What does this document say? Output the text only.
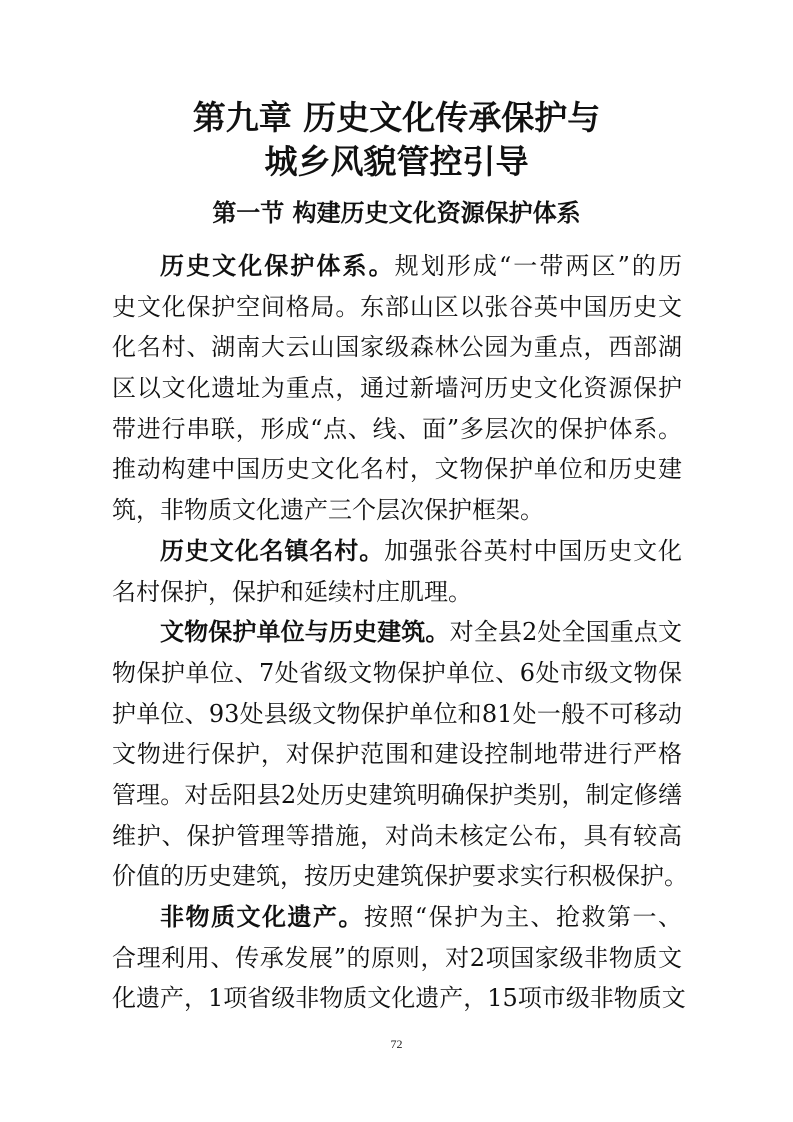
第九章 历史文化传承保护与
城乡风貌管控引导
第一节 构建历史文化资源保护体系
历史文化保护体系。规划形成“一带两区”的历
史文化保护空间格局。东部山区以张谷英中国历史文
化名村、湖南大云山国家级森林公园为重点，西部湖
区以文化遗址为重点，通过新墙河历史文化资源保护
带进行串联，形成“点、线、面”多层次的保护体系。
推动构建中国历史文化名村，文物保护单位和历史建
筑，非物质文化遗产三个层次保护框架。
历史文化名镇名村。加强张谷英村中国历史文化
名村保护，保护和延续村庄肌理。
文物保护单位与历史建筑。对全县2处全国重点文
物保护单位、7处省级文物保护单位、6处市级文物保
护单位、93处县级文物保护单位和81处一般不可移动
文物进行保护，对保护范围和建设控制地带进行严格
管理。对岳阳县2处历史建筑明确保护类别，制定修缮
维护、保护管理等措施，对尚未核定公布，具有较高
价值的历史建筑，按历史建筑保护要求实行积极保护。
非物质文化遗产。按照“保护为主、抢救第一、
合理利用、传承发展”的原则，对2项国家级非物质文
化遗产，1项省级非物质文化遗产，15项市级非物质文
72
